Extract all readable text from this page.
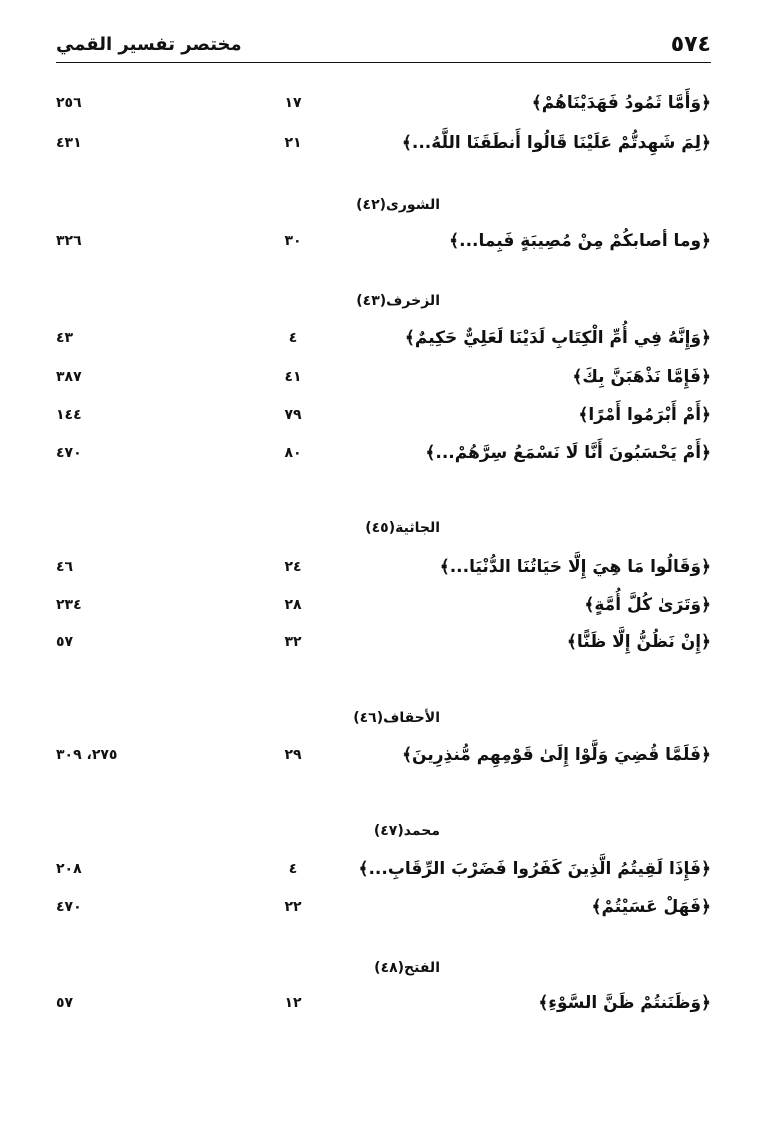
٥٧٤
مختصر تفسير القمي
﴿وَأَمَّا ثَمُودُ فَهَدَيْنَاهُمْ﴾
١٧
٢٥٦
﴿لِمَ شَهِدتُّمْ عَلَيْنَا قَالُوا أَنطَقَنَا اللَّهُ...﴾
٢١
٤٣١
الشورى(٤٢)
﴿وما أصابكُمْ مِنْ مُصِيبَةٍ فَبِما...﴾
٣٠
٣٢٦
الزخرف(٤٣)
﴿وَإِنَّهُ فِي أُمِّ الْكِتَابِ لَدَيْنَا لَعَلِيٌّ حَكِيمٌ﴾
٤
٤٣
﴿فَإِمَّا نَذْهَبَنَّ بِكَ﴾
٤١
٣٨٧
﴿أَمْ أَبْرَمُوا أَمْرًا﴾
٧٩
١٤٤
﴿أَمْ يَحْسَبُونَ أَنَّا لَا نَسْمَعُ سِرَّهُمْ...﴾
٨٠
٤٧٠
الجاثية(٤٥)
﴿وَقَالُوا مَا هِيَ إِلَّا حَيَاتُنَا الدُّنْيَا...﴾
٢٤
٤٦
﴿وَتَرَىٰ كُلَّ أُمَّةٍ﴾
٢٨
٢٣٤
﴿إِنْ نَظُنُّ إِلَّا ظَنًّا﴾
٣٢
٥٧
الأحقاف(٤٦)
﴿فَلَمَّا قُضِيَ وَلَّوْا إِلَىٰ قَوْمِهِم مُّنذِرِينَ﴾
٢٩
٢٧٥، ٣٠٩
محمد(٤٧)
﴿فَإِذَا لَقِيتُمُ الَّذِينَ كَفَرُوا فَضَرْبَ الرِّقَابِ...﴾
٤
٢٠٨
﴿فَهَلْ عَسَيْتُمْ﴾
٢٢
٤٧٠
الفتح(٤٨)
﴿وَظَنَنتُمْ ظَنَّ السَّوْءِ﴾
١٢
٥٧
